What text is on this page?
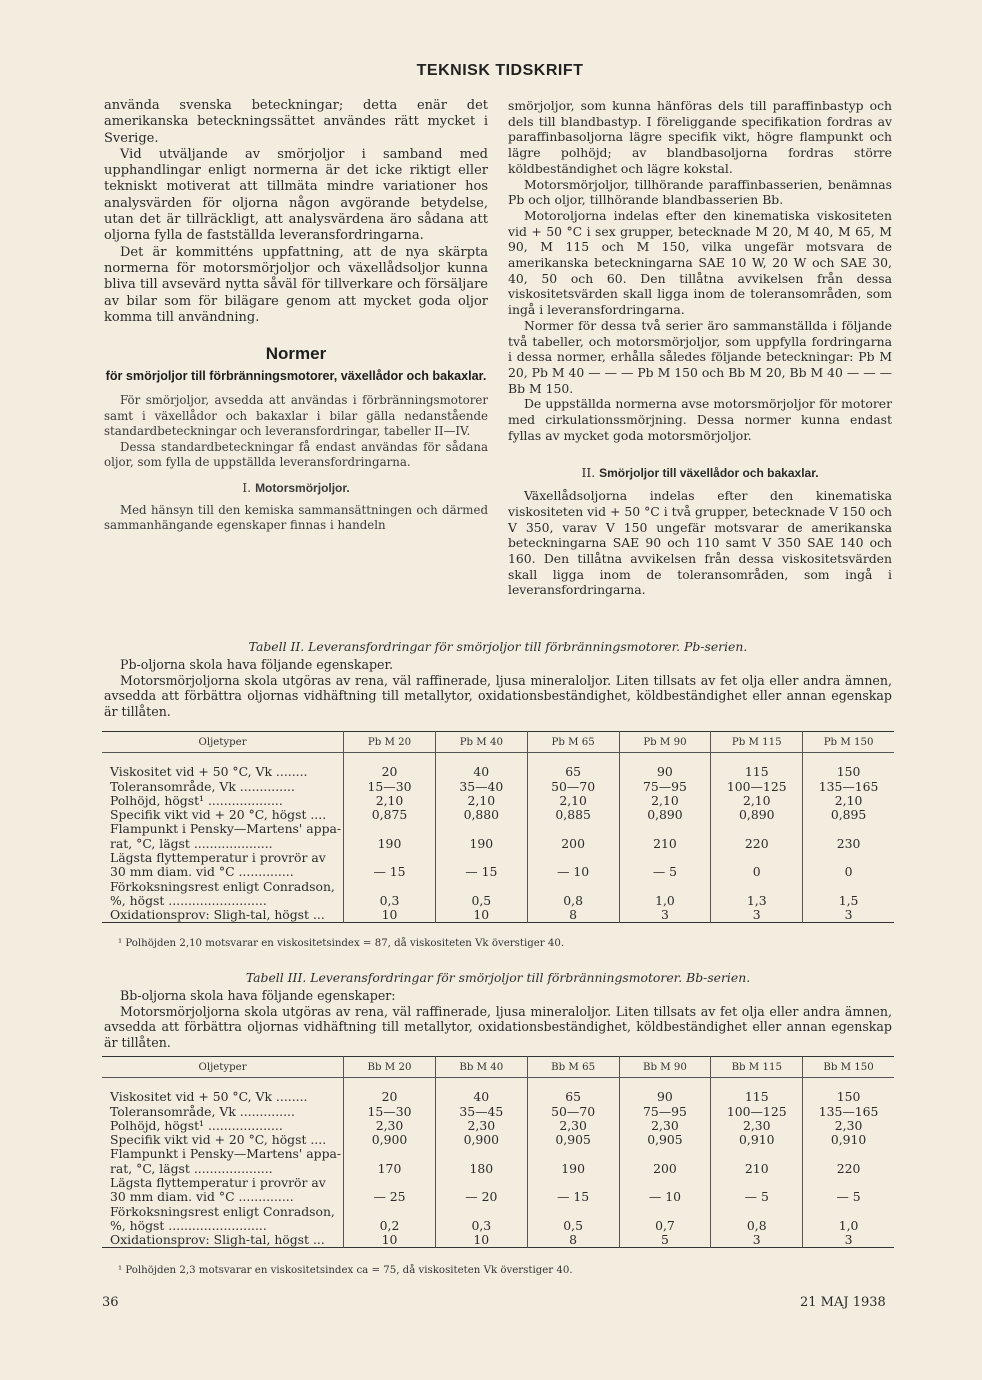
TEKNISK TIDSKRIFT

använda svenska beteckningar; detta enär det amerikanska beteckningssättet användes rätt mycket i Sverige.

Vid utväljande av smörjoljor i samband med upphandlingar enligt normerna är det icke riktigt eller tekniskt motiverat att tillmäta mindre variationer hos analysvärden för oljorna någon avgörande betydelse, utan det är tillräckligt, att analysvärdena äro sådana att oljorna fylla de fastställda leveransfordringarna.

Det är kommitténs uppfattning, att de nya skärpta normerna för motorsmörjoljor och växellådsoljor kunna bliva till avsevärd nytta såväl för tillverkare och försäljare av bilar som för bilägare genom att mycket goda oljor komma till användning.

Normer
för smörjoljor till förbränningsmotorer, växellådor och bakaxlar.

För smörjoljor, avsedda att användas i förbränningsmotorer samt i växellådor och bakaxlar i bilar gälla nedanstående standardbeteckningar och leveransfordringar, tabeller II—IV.

Dessa standardbeteckningar få endast användas för sådana oljor, som fylla de uppställda leveransfordringarna.

I. Motorsmörjoljor.

Med hänsyn till den kemiska sammansättningen och därmed sammanhängande egenskaper finnas i handeln

smörjoljor, som kunna hänföras dels till paraffinbastyp och dels till blandbastyp. I föreliggande specifikation fordras av paraffinbasoljorna lägre specifik vikt, högre flampunkt och lägre polhöjd; av blandbasoljorna fordras större köldbeständighet och lägre kokstal.

Motorsmörjoljor, tillhörande paraffinbasserien, benämnas Pb och oljor, tillhörande blandbasserien Bb.

Motoroljorna indelas efter den kinematiska viskositeten vid + 50 °C i sex grupper, betecknade M 20, M 40, M 65, M 90, M 115 och M 150, vilka ungefär motsvara de amerikanska beteckningarna SAE 10 W, 20 W och SAE 30, 40, 50 och 60. Den tillåtna avvikelsen från dessa viskositetsvärden skall ligga inom de toleransområden, som ingå i leveransfordringarna.

Normer för dessa två serier äro sammanställda i följande två tabeller, och motorsmörjoljor, som uppfylla fordringarna i dessa normer, erhålla således följande beteckningar: Pb M 20, Pb M 40 — — — Pb M 150 och Bb M 20, Bb M 40 — — — Bb M 150.

De uppställda normerna avse motorsmörjoljor för motorer med cirkulationssmörjning. Dessa normer kunna endast fyllas av mycket goda motorsmörjoljor.

II. Smörjoljor till växellådor och bakaxlar.

Växellådsoljorna indelas efter den kinematiska viskositeten vid + 50 °C i två grupper, betecknade V 150 och V 350, varav V 150 ungefär motsvarar de amerikanska beteckningarna SAE 90 och 110 samt V 350 SAE 140 och 160. Den tillåtna avvikelsen från dessa viskositetsvärden skall ligga inom de toleransområden, som ingå i leveransfordringarna.

Tabell II. Leveransfordringar för smörjoljor till förbränningsmotorer. Pb-serien.

Pb-oljorna skola hava följande egenskaper.

Motorsmörjoljorna skola utgöras av rena, väl raffinerade, ljusa mineraloljor. Liten tillsats av fet olja eller andra ämnen, avsedda att förbättra oljornas vidhäftning till metallytor, oxidationsbeständighet, köldbeständighet eller annan egenskap är tillåten.

Oljetyper	Pb M 20	Pb M 40	Pb M 65	Pb M 90	Pb M 115	Pb M 150

Viskositet vid + 50 °C, Vk ........	20	40	65	90	115	150
Toleransområde, Vk ..............	15—30	35—40	50—70	75—95	100—125	135—165
Polhöjd, högst¹ ...................	2,10	2,10	2,10	2,10	2,10	2,10
Specifik vikt vid + 20 °C, högst ....	0,875	0,880	0,885	0,890	0,890	0,895
Flampunkt i Pensky—Martens' appa-						
rat, °C, lägst ....................	190	190	200	210	220	230
Lägsta flyttemperatur i provrör av						
30 mm diam. vid °C ..............	— 15	— 15	— 10	— 5	0	0
Förkoksningsrest enligt Conradson,						
%, högst .........................	0,3	0,5	0,8	1,0	1,3	1,5
Oxidationsprov: Sligh-tal, högst ...	10	10	8	3	3	3
¹ Polhöjden 2,10 motsvarar en viskositetsindex = 87, då viskositeten Vk överstiger 40.
Tabell III. Leveransfordringar för smörjoljor till förbränningsmotorer. Bb-serien.

Bb-oljorna skola hava följande egenskaper:

Motorsmörjoljorna skola utgöras av rena, väl raffinerade, ljusa mineraloljor. Liten tillsats av fet olja eller andra ämnen, avsedda att förbättra oljornas vidhäftning till metallytor, oxidationsbeständighet, köldbeständighet eller annan egenskap är tillåten.

Oljetyper	Bb M 20	Bb M 40	Bb M 65	Bb M 90	Bb M 115	Bb M 150

Viskositet vid + 50 °C, Vk ........	20	40	65	90	115	150
Toleransområde, Vk ..............	15—30	35—45	50—70	75—95	100—125	135—165
Polhöjd, högst¹ ...................	2,30	2,30	2,30	2,30	2,30	2,30
Specifik vikt vid + 20 °C, högst ....	0,900	0,900	0,905	0,905	0,910	0,910
Flampunkt i Pensky—Martens' appa-						
rat, °C, lägst ....................	170	180	190	200	210	220
Lägsta flyttemperatur i provrör av						
30 mm diam. vid °C ..............	— 25	— 20	— 15	— 10	— 5	— 5
Förkoksningsrest enligt Conradson,						
%, högst .........................	0,2	0,3	0,5	0,7	0,8	1,0
Oxidationsprov: Sligh-tal, högst ...	10	10	8	5	3	3
¹ Polhöjden 2,3 motsvarar en viskositetsindex ca = 75, då viskositeten Vk överstiger 40.
36	21 MAJ 1938
